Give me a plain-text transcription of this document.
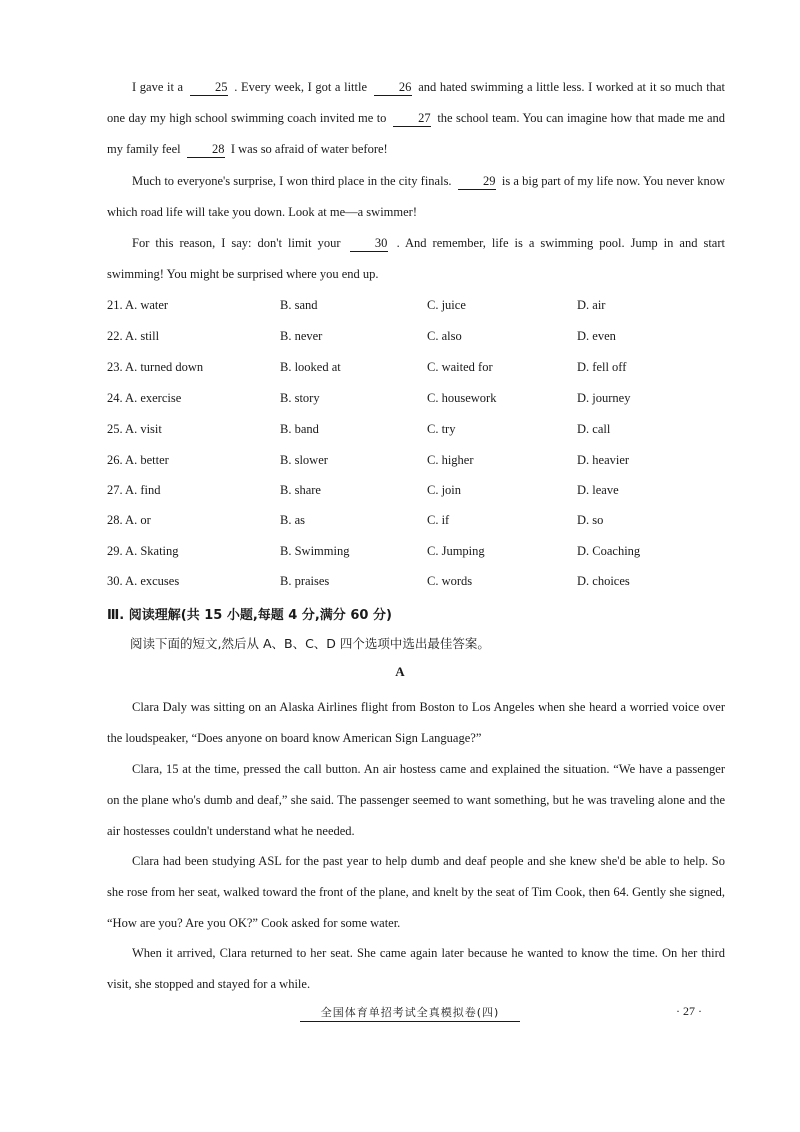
I gave it a	25 . Every week, I got a little	26 and hated swimming a little less. I worked at it so much that one day my high school swimming coach invited me to	27 the school team. You can imagine how that made me and my family feel	28 I was so afraid of water before!
Much to everyone's surprise, I won third place in the city finals.	29 is a big part of my life now. You never know which road life will take you down. Look at me—a swimmer!
For this reason, I say: don't limit your	30 . And remember, life is a swimming pool. Jump in and start swimming! You might be surprised where you end up.
21. A. water	B. sand	C. juice	D. air
22. A. still	B. never	C. also	D. even
23. A. turned down	B. looked at	C. waited for	D. fell off
24. A. exercise	B. story	C. housework	D. journey
25. A. visit	B. band	C. try	D. call
26. A. better	B. slower	C. higher	D. heavier
27. A. find	B. share	C. join	D. leave
28. A. or	B. as	C. if	D. so
29. A. Skating	B. Swimming	C. Jumping	D. Coaching
30. A. excuses	B. praises	C. words	D. choices
Ⅲ. 阅读理解(共 15 小题,每题 4 分,满分 60 分)
阅读下面的短文,然后从 A、B、C、D 四个选项中选出最佳答案。
A
Clara Daly was sitting on an Alaska Airlines flight from Boston to Los Angeles when she heard a worried voice over the loudspeaker, “Does anyone on board know American Sign Language?”
Clara, 15 at the time, pressed the call button. An air hostess came and explained the situation. “We have a passenger on the plane who's dumb and deaf,” she said. The passenger seemed to want something, but he was traveling alone and the air hostesses couldn't understand what he needed.
Clara had been studying ASL for the past year to help dumb and deaf people and she knew she'd be able to help. So she rose from her seat, walked toward the front of the plane, and knelt by the seat of Tim Cook, then 64. Gently she signed, “How are you? Are you OK?” Cook asked for some water.
When it arrived, Clara returned to her seat. She came again later because he wanted to know the time. On her third visit, she stopped and stayed for a while.
全国体育单招考试全真模拟卷(四)	· 27 ·
